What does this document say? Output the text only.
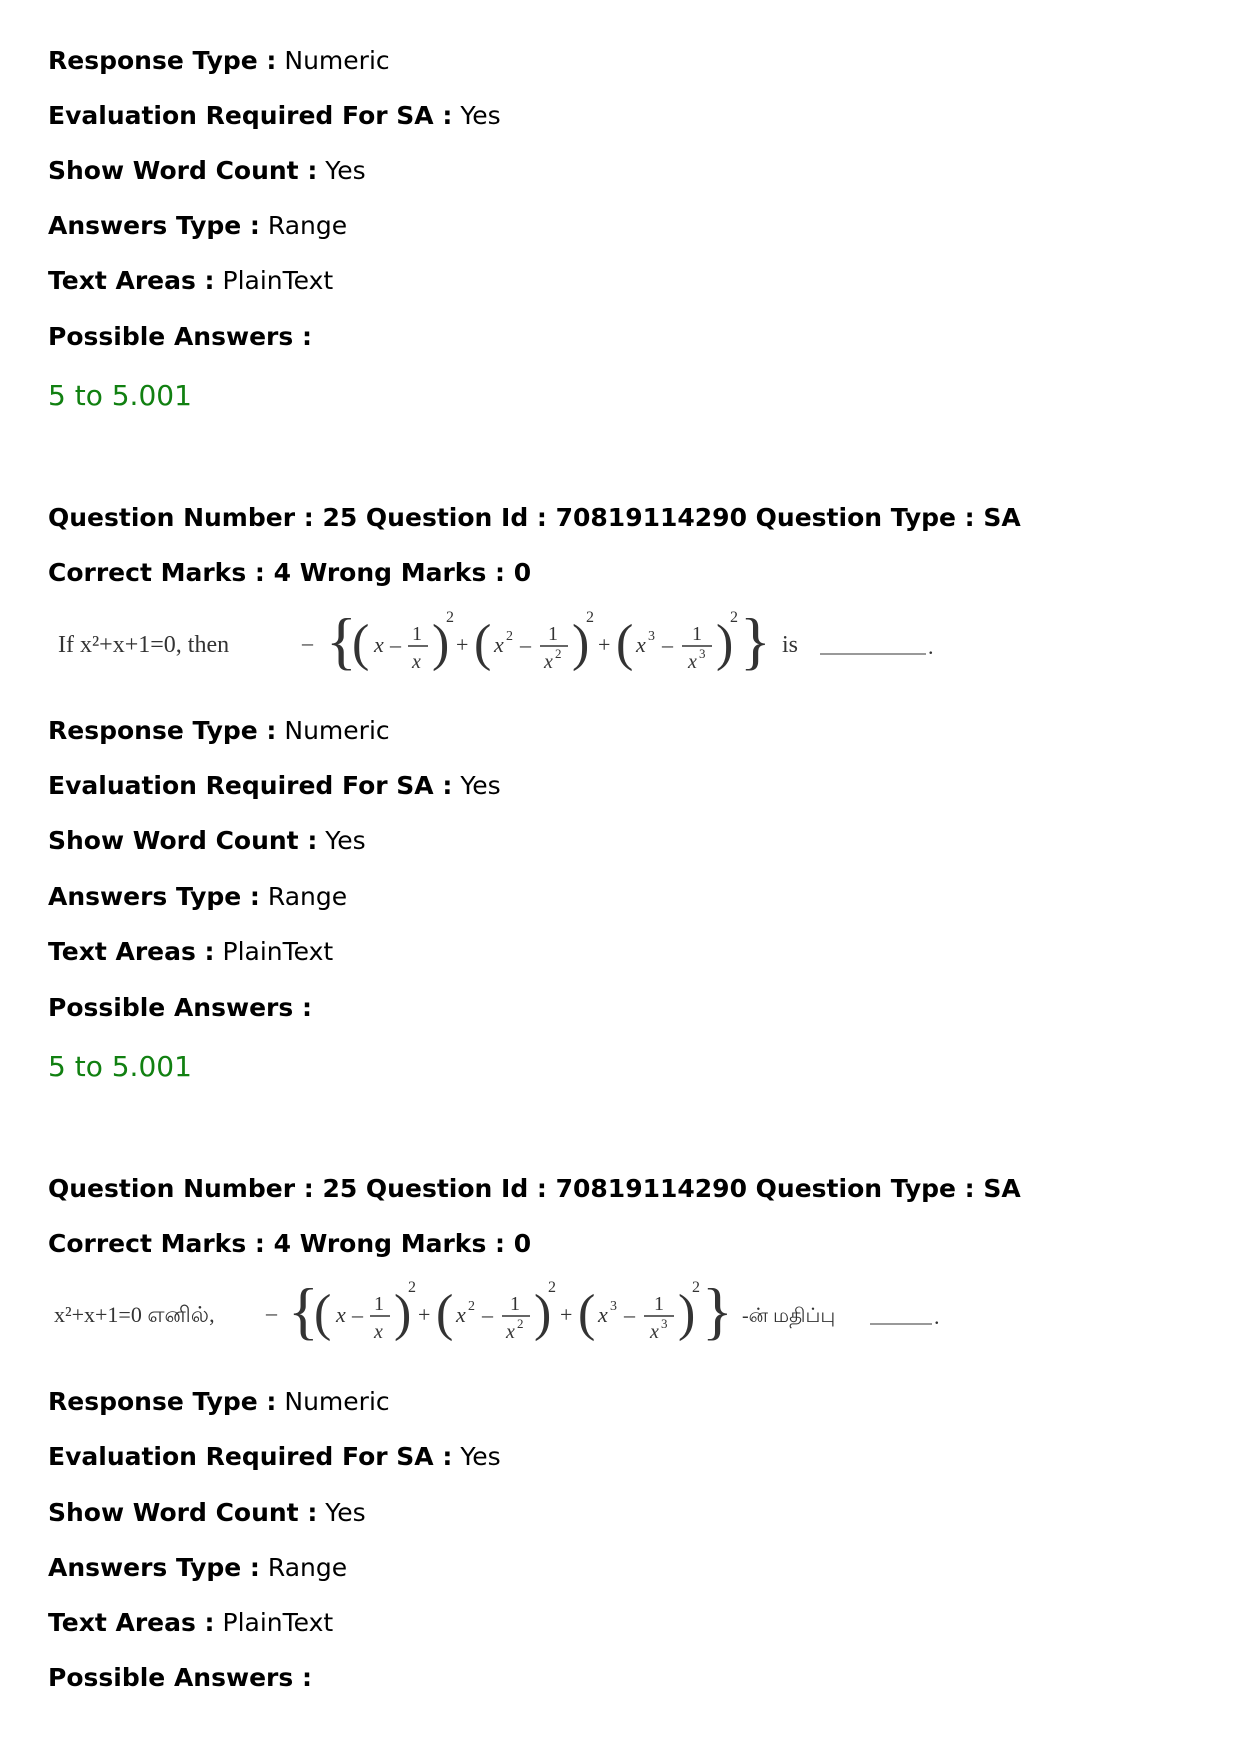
Response Type : Numeric
Evaluation Required For SA : Yes
Show Word Count : Yes
Answers Type : Range
Text Areas : PlainText
Possible Answers :
5 to 5.001
Question Number : 25 Question Id : 70819114290 Question Type : SA
Correct Marks : 4 Wrong Marks : 0
If x²+x+1=0, then	– {
( x – 1
x )
2
+ ( x 2 – 1
x 2 )
2
+ ( x 3 – 1
x 3 )
2 } is	.
Response Type : Numeric
Evaluation Required For SA : Yes
Show Word Count : Yes
Answers Type : Range
Text Areas : PlainText
Possible Answers :
5 to 5.001
Question Number : 25 Question Id : 70819114290 Question Type : SA
Correct Marks : 4 Wrong Marks : 0
x²+x+1=0 எனில், – {
( x – 1
x )
2
+ ( x 2 – 1
x 2 )
2
+ ( x 3 – 1
x 3 )
2 } -ன் மதிப்பு	.
Response Type : Numeric
Evaluation Required For SA : Yes
Show Word Count : Yes
Answers Type : Range
Text Areas : PlainText
Possible Answers :
